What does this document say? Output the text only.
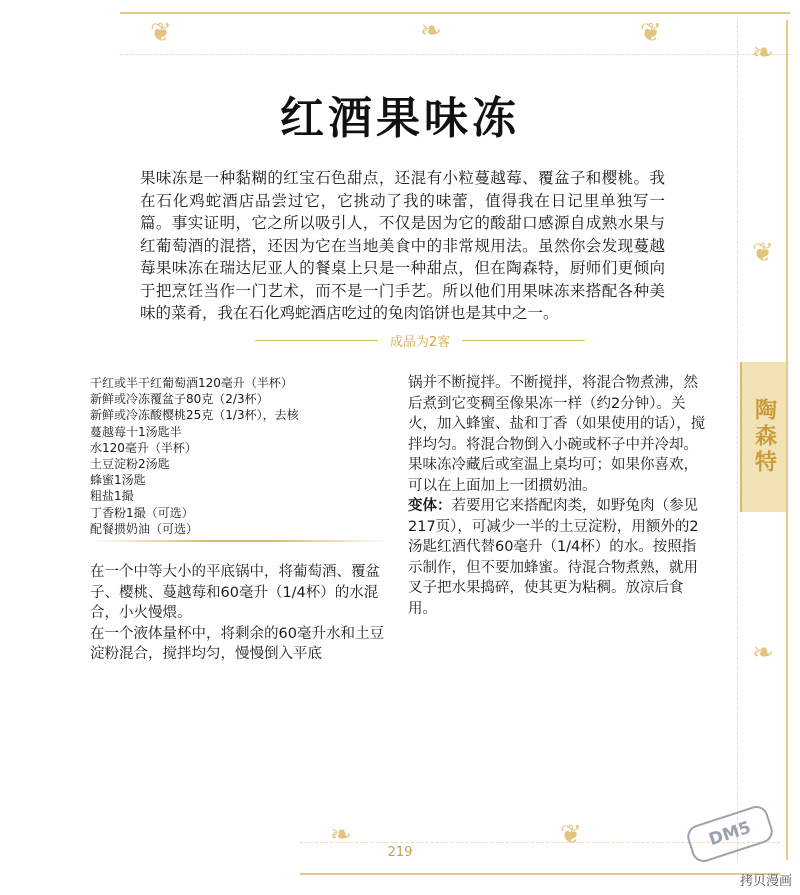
❦	❧	❦
❧
❦
❧
❦
❧
陶森特
红酒果味冻
果味冻是一种黏糊的红宝石色甜点，还混有小粒蔓越莓、覆盆子和樱桃。我在石化鸡蛇酒店品尝过它，它挑动了我的味蕾，值得我在日记里单独写一篇。事实证明，它之所以吸引人，不仅是因为它的酸甜口感源自成熟水果与红葡萄酒的混搭，还因为它在当地美食中的非常规用法。虽然你会发现蔓越莓果味冻在瑞达尼亚人的餐桌上只是一种甜点，但在陶森特，厨师们更倾向于把烹饪当作一门艺术，而不是一门手艺。所以他们用果味冻来搭配各种美味的菜肴，我在石化鸡蛇酒店吃过的兔肉馅饼也是其中之一。
成品为2客
干红或半干红葡萄酒120毫升（半杯）
新鲜或冷冻覆盆子80克（2/3杯）
新鲜或冷冻酸樱桃25克（1/3杯），去核
蔓越莓十1汤匙半
水120毫升（半杯）
土豆淀粉2汤匙
蜂蜜1汤匙
粗盐1撮
丁香粉1撮（可选）
配餐掼奶油（可选）

在一个中等大小的平底锅中，将葡萄酒、覆盆子、樱桃、蔓越莓和60毫升（1/4杯）的水混合，小火慢煨。

在一个液体量杯中，将剩余的60毫升水和土豆淀粉混合，搅拌均匀，慢慢倒入平底

锅并不断搅拌。不断搅拌，将混合物煮沸，然后煮到它变稠至像果冻一样（约2分钟）。关火，加入蜂蜜、盐和丁香（如果使用的话），搅拌均匀。将混合物倒入小碗或杯子中并冷却。

果味冻冷藏后或室温上桌均可；如果你喜欢，可以在上面加上一团掼奶油。

变体：若要用它来搭配肉类，如野兔肉（参见217页），可减少一半的土豆淀粉，用额外的2汤匙红酒代替60毫升（1/4杯）的水。按照指示制作，但不要加蜂蜜。待混合物煮熟，就用叉子把水果捣碎，使其更为粘稠。放凉后食用。

219
DM5
拷贝漫画
